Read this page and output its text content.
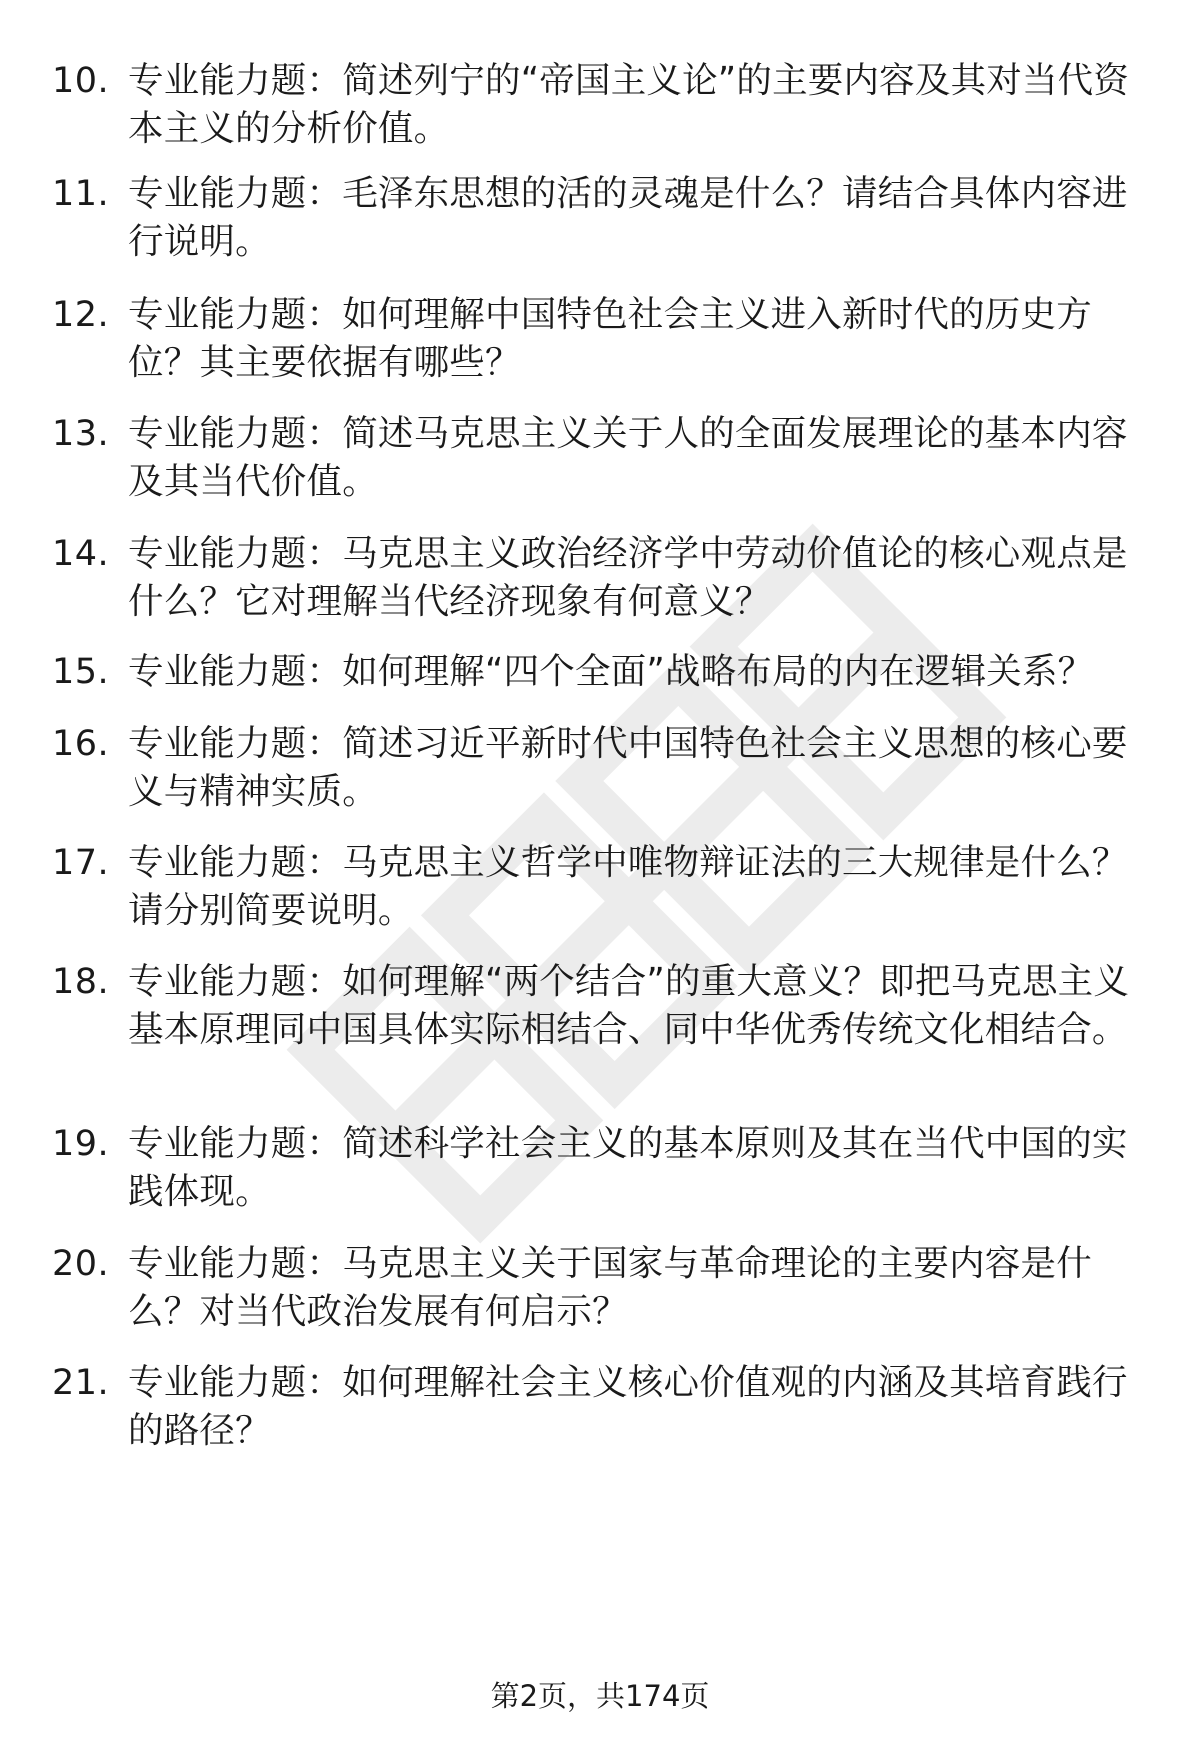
10. 专业能力题：简述列宁的“帝国主义论”的主要内容及其对当代资本主义的分析价值。
11. 专业能力题：毛泽东思想的活的灵魂是什么？请结合具体内容进行说明。
12. 专业能力题：如何理解中国特色社会主义进入新时代的历史方位？其主要依据有哪些？
13. 专业能力题：简述马克思主义关于人的全面发展理论的基本内容及其当代价值。
14. 专业能力题：马克思主义政治经济学中劳动价值论的核心观点是什么？它对理解当代经济现象有何意义？
15. 专业能力题：如何理解“四个全面”战略布局的内在逻辑关系？
16. 专业能力题：简述习近平新时代中国特色社会主义思想的核心要义与精神实质。
17. 专业能力题：马克思主义哲学中唯物辩证法的三大规律是什么？请分别简要说明。
18. 专业能力题：如何理解“两个结合”的重大意义？即把马克思主义基本原理同中国具体实际相结合、同中华优秀传统文化相结合。
19. 专业能力题：简述科学社会主义的基本原则及其在当代中国的实践体现。
20. 专业能力题：马克思主义关于国家与革命理论的主要内容是什么？对当代政治发展有何启示？
21. 专业能力题：如何理解社会主义核心价值观的内涵及其培育践行的路径？
第2页，共174页
